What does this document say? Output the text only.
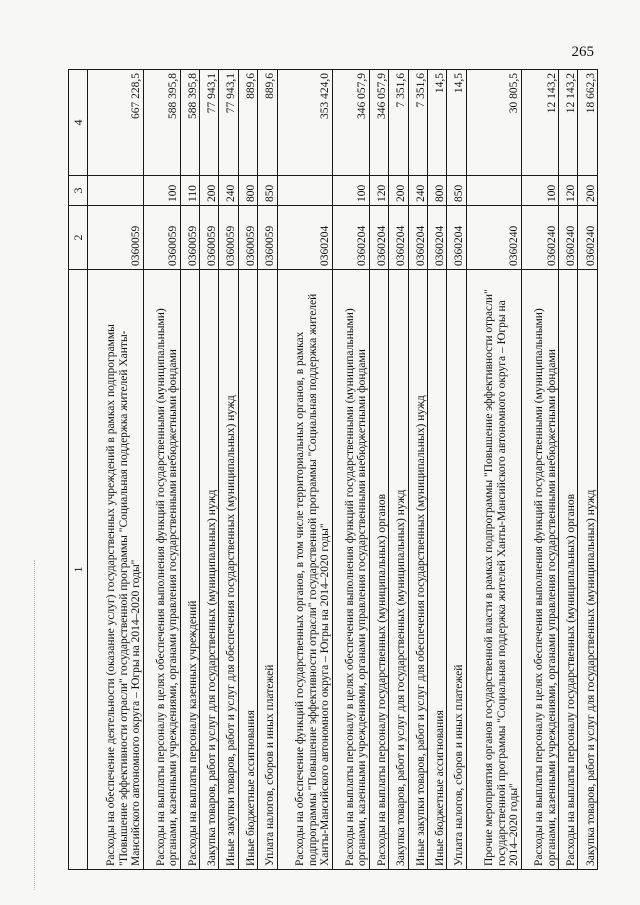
265
1	2	3	4
Расходы на обеспечение деятельности (оказание услуг) государственных учреждений в рамках подпрограммы "Повышение эффективности отрасли" государственной программы "Социальная поддержка жителей Ханты-Мансийского автономного округа – Югры на 2014–2020 годы"	0360059		667 228,5
Расходы на выплаты персоналу в целях обеспечения выполнения функций государственными (муниципальными) органами, казенными учреждениями, органами управления государственными внебюджетными фондами	0360059	100	588 395,8
Расходы на выплаты персоналу казенных учреждений	0360059	110	588 395,8
Закупка товаров, работ и услуг для государственных (муниципальных) нужд	0360059	200	77 943,1
Иные закупки товаров, работ и услуг для обеспечения государственных (муниципальных) нужд	0360059	240	77 943,1
Иные бюджетные ассигнования	0360059	800	889,6
Уплата налогов, сборов и иных платежей	0360059	850	889,6
Расходы на обеспечение функций государственных органов, в том числе территориальных органов, в рамках подпрограммы "Повышение эффективности отрасли" государственной программы "Социальная поддержка жителей Ханты-Мансийского автономного округа – Югры на 2014–2020 годы"	0360204		353 424,0
Расходы на выплаты персоналу в целях обеспечения выполнения функций государственными (муниципальными) органами, казенными учреждениями, органами управления государственными внебюджетными фондами	0360204	100	346 057,9
Расходы на выплаты персоналу государственных (муниципальных) органов	0360204	120	346 057,9
Закупка товаров, работ и услуг для государственных (муниципальных) нужд	0360204	200	7 351,6
Иные закупки товаров, работ и услуг для обеспечения государственных (муниципальных) нужд	0360204	240	7 351,6
Иные бюджетные ассигнования	0360204	800	14,5
Уплата налогов, сборов и иных платежей	0360204	850	14,5
Прочие мероприятия органов государственной власти в рамках подпрограммы "Повышение эффективности отрасли" государственной программы "Социальная поддержка жителей Ханты-Мансийского автономного округа – Югры на 2014–2020 годы"	0360240		30 805,5
Расходы на выплаты персоналу в целях обеспечения выполнения функций государственными (муниципальными) органами, казенными учреждениями, органами управления государственными внебюджетными фондами	0360240	100	12 143,2
Расходы на выплаты персоналу государственных (муниципальных) органов	0360240	120	12 143,2
Закупка товаров, работ и услуг для государственных (муниципальных) нужд	0360240	200	18 662,3
